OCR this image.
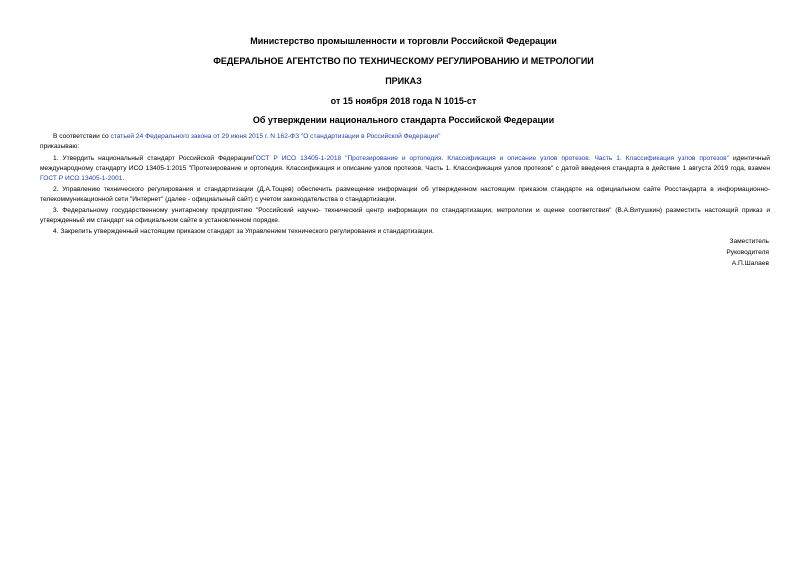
Министерство промышленности и торговли Российской Федерации
ФЕДЕРАЛЬНОЕ АГЕНТСТВО ПО ТЕХНИЧЕСКОМУ РЕГУЛИРОВАНИЮ И МЕТРОЛОГИИ
ПРИКАЗ
от 15 ноября 2018 года N 1015-ст
Об утверждении национального стандарта Российской Федерации
В соответствии со статьей 24 Федерального закона от 29 июня 2015 г. N 162-ФЗ "О стандартизации в Российской Федерации"
приказываю:
1. Утвердить национальный стандарт Российской ФедерацииГОСТ Р ИСО 13405-1-2018 "Протезирование и ортопедия. Классификация и описание узлов протезов. Часть 1. Классификация узлов протезов" идентичный международному стандарту ИСО 13405-1:2015 "Протезирование и ортопедия. Классификация и описание узлов протезов. Часть 1. Классификация узлов протезов" с датой введения стандарта в действие 1 августа 2019 года, взамен ГОСТ Р ИСО 13405-1-2001.
2. Управлению технического регулирования и стандартизации (Д.А.Тощев) обеспечить размещение информации об утвержденном настоящим приказом стандарте на официальном сайте Росстандарта в информационно-телекоммуникационной сети "Интернет" (далее - официальный сайт) с учетом законодательства о стандартизации.
3. Федеральному государственному унитарному предприятию "Российский научно- технический центр информации по стандартизации, метрологии и оценке соответствия" (В.А.Витушкин) разместить настоящий приказ и утвержденный им стандарт на официальном сайте в установленном порядке.
4. Закрепить утвержденный настоящим приказом стандарт за Управлением технического регулирования и стандартизации.
Заместитель
Руководителя
А.П.Шалаев
